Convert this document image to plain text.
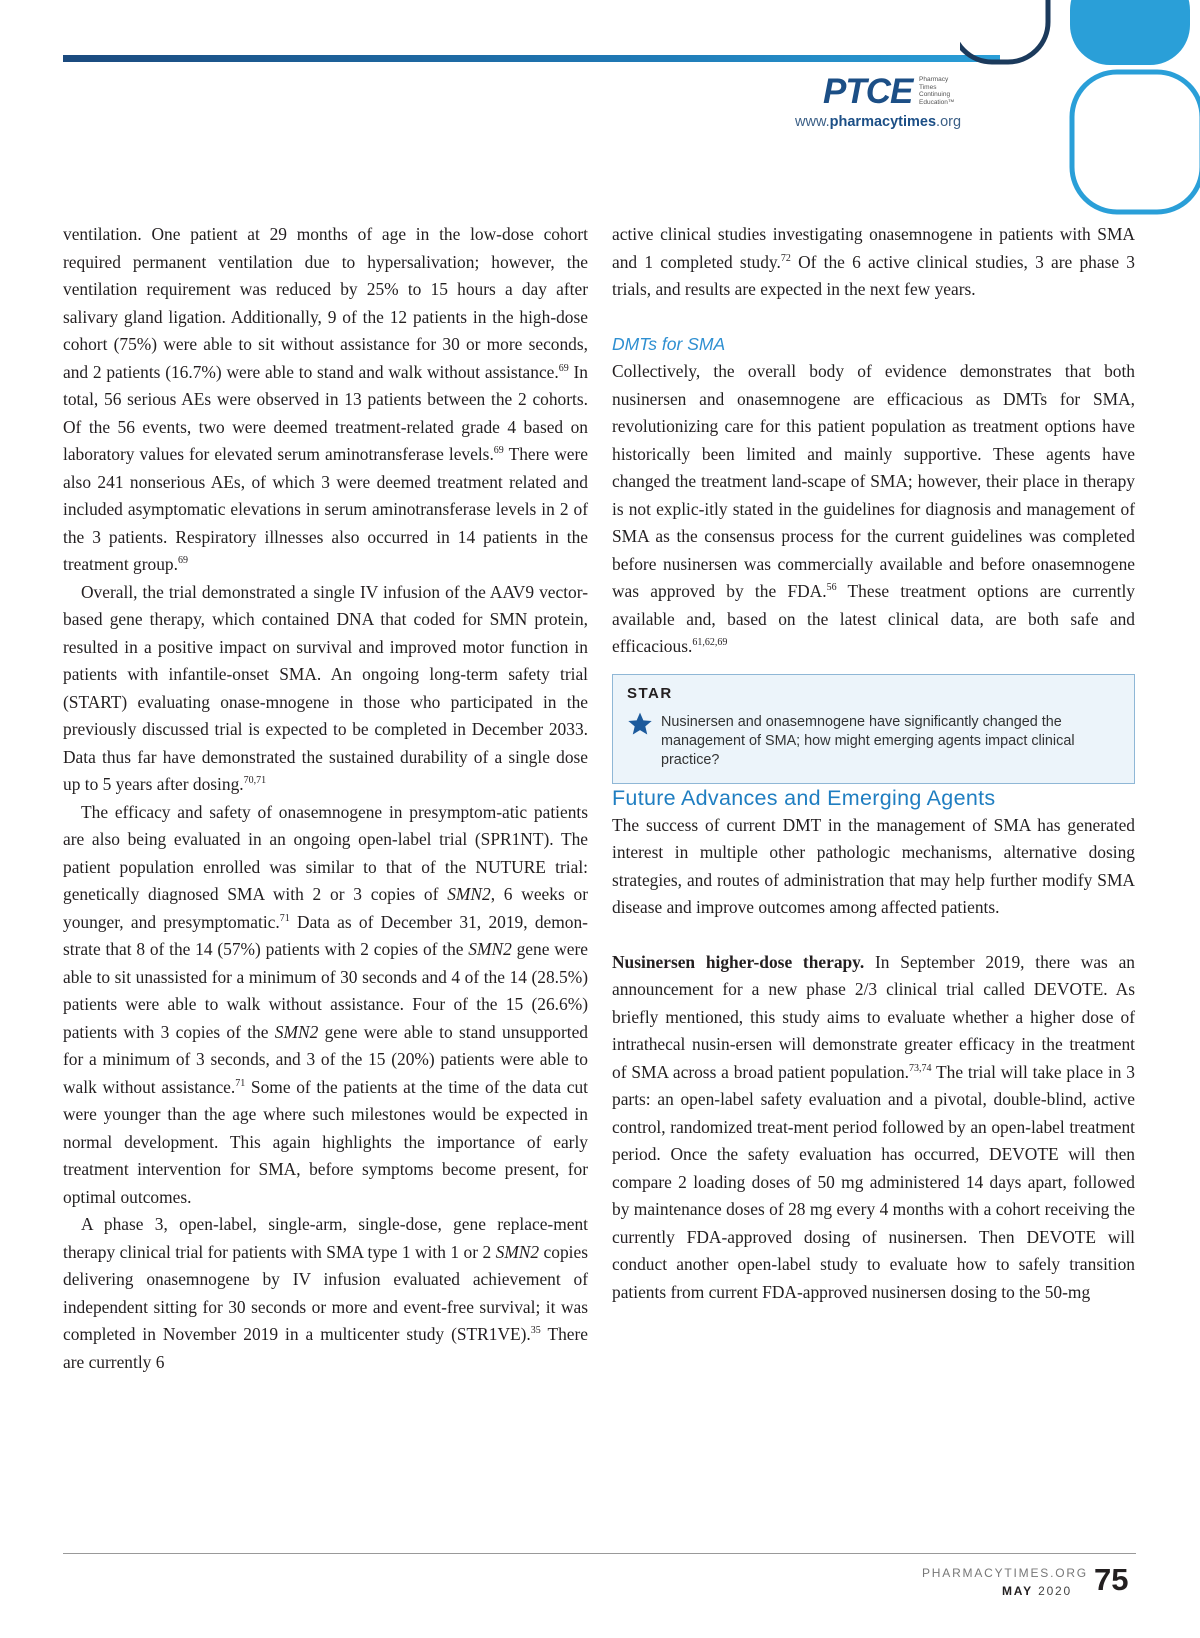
PTCE Pharmacy
Times
Continuing
Education™
www.pharmacytimes.org

ventilation. One patient at 29 months of age in the low-dose cohort required permanent ventilation due to hypersalivation; however, the ventilation requirement was reduced by 25% to 15 hours a day after salivary gland ligation. Additionally, 9 of the 12 patients in the high-dose cohort (75%) were able to sit without assistance for 30 or more seconds, and 2 patients (16.7%) were able to stand and walk without assistance.$^{69}$ In total, 56 serious AEs were observed in 13 patients between the 2 cohorts. Of the 56 events, two were deemed treatment-related grade 4 based on laboratory values for elevated serum aminotransferase levels.$^{69}$ There were also 241 nonserious AEs, of which 3 were deemed treatment related and included asymptomatic elevations in serum aminotransferase levels in 2 of the 3 patients. Respiratory illnesses also occurred in 14 patients in the treatment group.$^{69}$

Overall, the trial demonstrated a single IV infusion of the AAV9 vector-based gene therapy, which contained DNA that coded for SMN protein, resulted in a positive impact on survival and improved motor function in patients with infantile-onset SMA. An ongoing long-term safety trial (START) evaluating onase-mnogene in those who participated in the previously discussed trial is expected to be completed in December 2033. Data thus far have demonstrated the sustained durability of a single dose up to 5 years after dosing.$^{70,71}$

The efficacy and safety of onasemnogene in presymptom-atic patients are also being evaluated in an ongoing open-label trial (SPR1NT). The patient population enrolled was similar to that of the NUTURE trial: genetically diagnosed SMA with 2 or 3 copies of SMN2, 6 weeks or younger, and presymptomatic.$^{71}$ Data as of December 31, 2019, demon-strate that 8 of the 14 (57%) patients with 2 copies of the SMN2 gene were able to sit unassisted for a minimum of 30 seconds and 4 of the 14 (28.5%) patients were able to walk without assistance. Four of the 15 (26.6%) patients with 3 copies of the SMN2 gene were able to stand unsupported for a minimum of 3 seconds, and 3 of the 15 (20%) patients were able to walk without assistance.$^{71}$ Some of the patients at the time of the data cut were younger than the age where such milestones would be expected in normal development. This again highlights the importance of early treatment intervention for SMA, before symptoms become present, for optimal outcomes.

A phase 3, open-label, single-arm, single-dose, gene replace-ment therapy clinical trial for patients with SMA type 1 with 1 or 2 SMN2 copies delivering onasemnogene by IV infusion evaluated achievement of independent sitting for 30 seconds or more and event-free survival; it was completed in November 2019 in a multicenter study (STR1VE).$^{35}$ There are currently 6

active clinical studies investigating onasemnogene in patients with SMA and 1 completed study.$^{72}$ Of the 6 active clinical studies, 3 are phase 3 trials, and results are expected in the next few years.

DMTs for SMA

Collectively, the overall body of evidence demonstrates that both nusinersen and onasemnogene are efficacious as DMTs for SMA, revolutionizing care for this patient population as treatment options have historically been limited and mainly supportive. These agents have changed the treatment land-scape of SMA; however, their place in therapy is not explic-itly stated in the guidelines for diagnosis and management of SMA as the consensus process for the current guidelines was completed before nusinersen was commercially available and before onasemnogene was approved by the FDA.$^{56}$ These treatment options are currently available and, based on the latest clinical data, are both safe and efficacious.$^{61,62,69}$

STAR
Nusinersen and onasemnogene have significantly changed the management of SMA; how might emerging agents impact clinical practice?

Future Advances and Emerging Agents

The success of current DMT in the management of SMA has generated interest in multiple other pathologic mechanisms, alternative dosing strategies, and routes of administration that may help further modify SMA disease and improve outcomes among affected patients.

Nusinersen higher-dose therapy. In September 2019, there was an announcement for a new phase 2/3 clinical trial called DEVOTE. As briefly mentioned, this study aims to evaluate whether a higher dose of intrathecal nusin-ersen will demonstrate greater efficacy in the treatment of SMA across a broad patient population.$^{73,74}$ The trial will take place in 3 parts: an open-label safety evaluation and a pivotal, double-blind, active control, randomized treat-ment period followed by an open-label treatment period. Once the safety evaluation has occurred, DEVOTE will then compare 2 loading doses of 50 mg administered 14 days apart, followed by maintenance doses of 28 mg every 4 months with a cohort receiving the currently FDA-approved dosing of nusinersen. Then DEVOTE will conduct another open-label study to evaluate how to safely transition patients from current FDA-approved nusinersen dosing to the 50-mg

PHARMACYTIMES.ORG
MAY 2020 75
